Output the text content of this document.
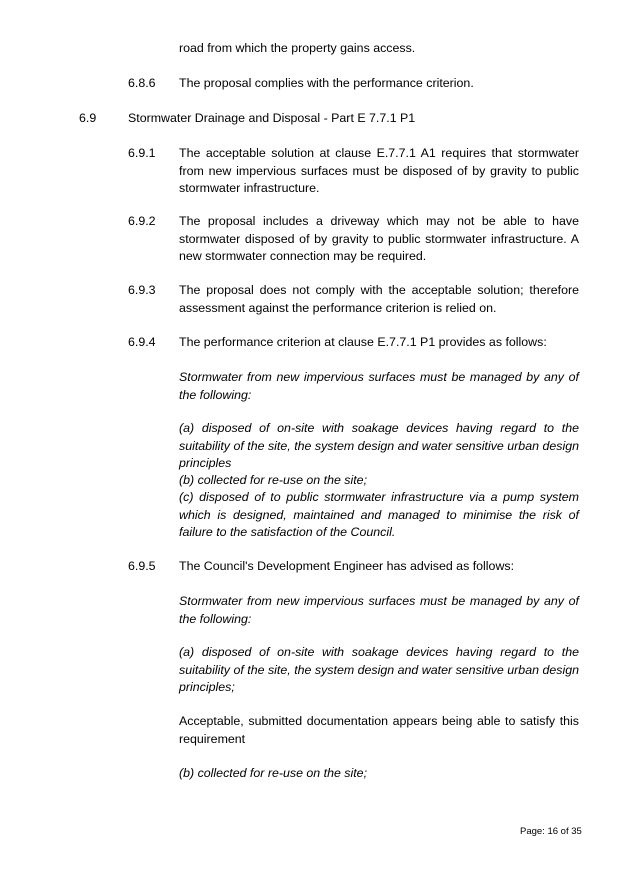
road from which the property gains access.

6.8.6 The proposal complies with the performance criterion.

6.9	Stormwater Drainage and Disposal - Part E 7.7.1 P1

6.9.1 The acceptable solution at clause E.7.7.1 A1 requires that stormwater from new impervious surfaces must be disposed of by gravity to public stormwater infrastructure.

6.9.2 The proposal includes a driveway which may not be able to have stormwater disposed of by gravity to public stormwater infrastructure. A new stormwater connection may be required.

6.9.3 The proposal does not comply with the acceptable solution; therefore assessment against the performance criterion is relied on.

6.9.4 The performance criterion at clause E.7.7.1 P1 provides as follows:

Stormwater from new impervious surfaces must be managed by any of the following:

(a) disposed of on-site with soakage devices having regard to the suitability of the site, the system design and water sensitive urban design principles

(b) collected for re-use on the site;

(c) disposed of to public stormwater infrastructure via a pump system which is designed, maintained and managed to minimise the risk of failure to the satisfaction of the Council.

6.9.5 The Council's Development Engineer has advised as follows:

Stormwater from new impervious surfaces must be managed by any of the following:

(a) disposed of on-site with soakage devices having regard to the suitability of the site, the system design and water sensitive urban design principles;

Acceptable, submitted documentation appears being able to satisfy this requirement

(b) collected for re-use on the site;

Page: 16 of 35
